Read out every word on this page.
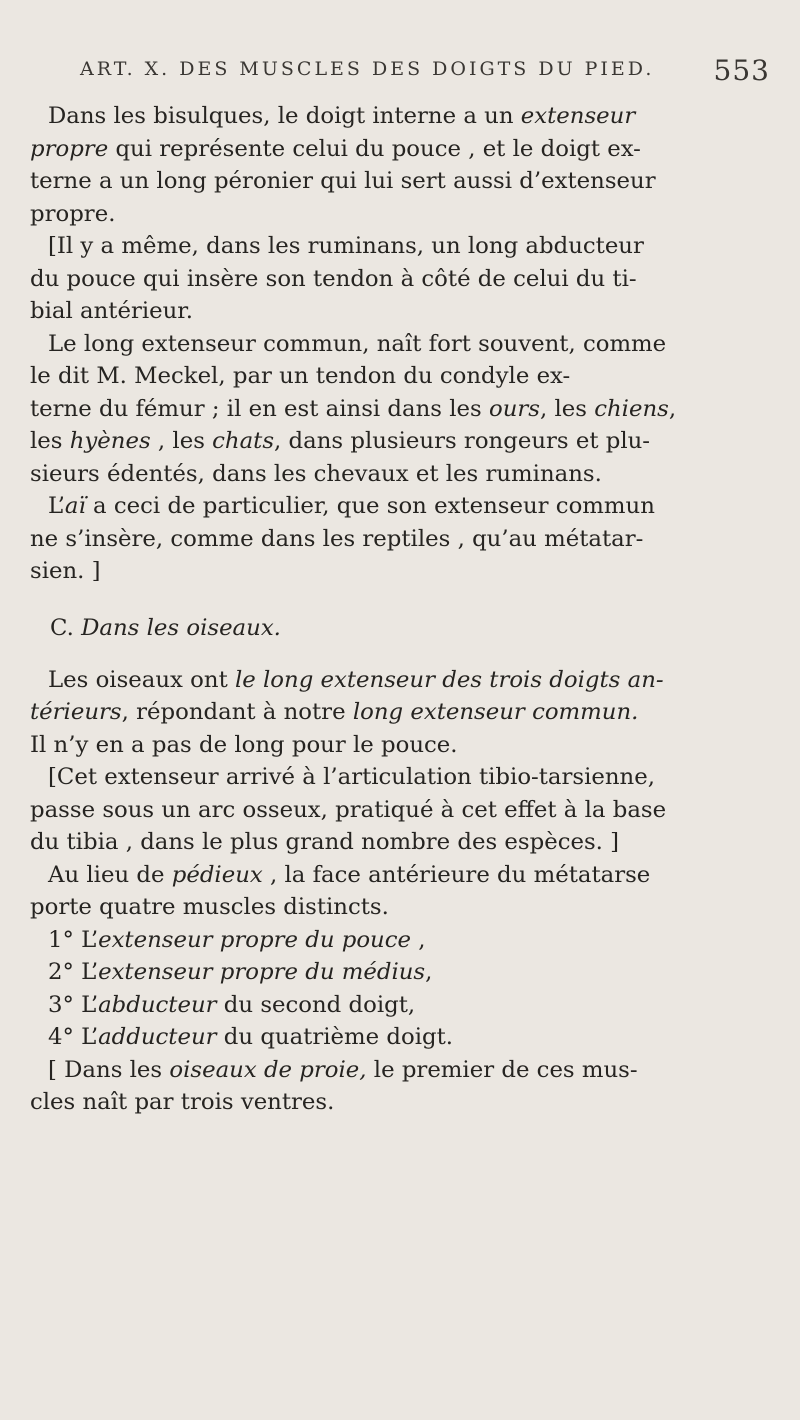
ART. X. DES MUSCLES DES DOIGTS DU PIED. 553
Dans les bisulques, le doigt interne a un extenseur
propre qui représente celui du pouce , et le doigt ex-
terne a un long péronier qui lui sert aussi d’extenseur
propre.
[Il y a même, dans les ruminans, un long abducteur
du pouce qui insère son tendon à côté de celui du ti-
bial antérieur.
Le long extenseur commun, naît fort souvent, comme
le dit M. Meckel, par un tendon du condyle ex-
terne du fémur ; il en est ainsi dans les ours, les chiens,
les hyènes , les chats, dans plusieurs rongeurs et plu-
sieurs édentés, dans les chevaux et les ruminans.
L’aï a ceci de particulier, que son extenseur commun
ne s’insère, comme dans les reptiles , qu’au métatar-
sien. ]
C. Dans les oiseaux.
Les oiseaux ont le long extenseur des trois doigts an-
térieurs, répondant à notre long extenseur commun.
Il n’y en a pas de long pour le pouce.
[Cet extenseur arrivé à l’articulation tibio-tarsienne,
passe sous un arc osseux, pratiqué à cet effet à la base
du tibia , dans le plus grand nombre des espèces. ]
Au lieu de pédieux , la face antérieure du métatarse
porte quatre muscles distincts.
1° L’extenseur propre du pouce ,
2° L’extenseur propre du médius,
3° L’abducteur du second doigt,
4° L’adducteur du quatrième doigt.
[ Dans les oiseaux de proie, le premier de ces mus-
cles naît par trois ventres.
